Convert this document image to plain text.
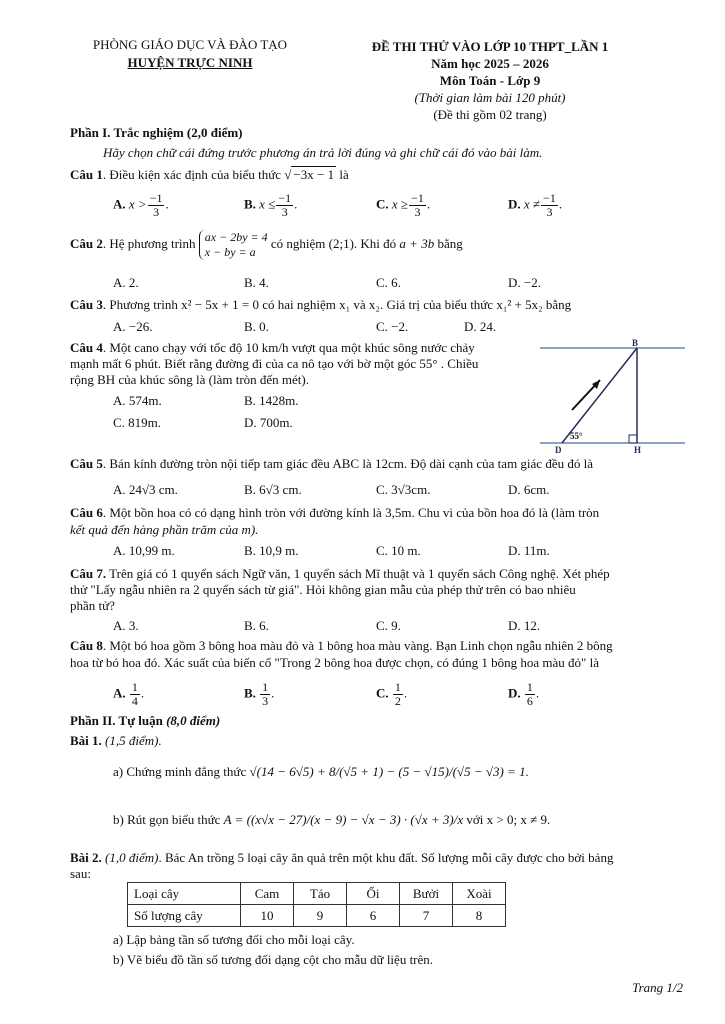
PHÒNG GIÁO DỤC VÀ ĐÀO TẠO
HUYỆN TRỰC NINH
ĐỀ THI THỬ VÀO LỚP 10 THPT_LẦN 1
Năm học 2025 – 2026
Môn Toán - Lớp 9
(Thời gian làm bài 120 phút)
(Đề thi gồm 02 trang)
Phần I. Trắc nghiệm (2,0 điểm)
Hãy chọn chữ cái đứng trước phương án trả lời đúng và ghi chữ cái đó vào bài làm.
Câu 1. Điều kiện xác định của biểu thức √ −3x − 1 là
A. $x > \frac{-1}{3}$ .	B. $x \le \frac{-1}{3}$ .	C. $x \ge \frac{-1}{3}$ .	D. $x \ne \frac{-1}{3}$ .
Câu 2. Hệ phương trình ax − 2by = 4
x − by = a có nghiệm (2;1). Khi đó a + 3b bằng
A. 2.	B. 4.	C. 6.	D. −2.
Câu 3. Phương trình x² − 5x + 1 = 0 có hai nghiệm x₁ và x₂. Giá trị của biểu thức x₁² + 5x₂ bằng
A. −26.	B. 0.	C. −2.	D. 24.
Câu 4. Một cano chạy với tốc độ 10 km/h vượt qua một khúc sông nước chảy
mạnh mất 6 phút. Biết rằng đường đi của ca nô tạo với bờ một góc 55° . Chiều
rộng BH của khúc sông là (làm tròn đến mét).
A. 574m.	B. 1428m.
C. 819m.	D. 700m.
B
D	H
55°
Câu 5. Bán kính đường tròn nội tiếp tam giác đều ABC là 12cm. Độ dài cạnh của tam giác đều đó là
A. 24√3 cm.	B. 6√3 cm.	C. 3√3cm.	D. 6cm.
Câu 6. Một bồn hoa có có dạng hình tròn với đường kính là 3,5m. Chu vi của bồn hoa đó là (làm tròn
kết quả đến hàng phần trăm của m).
A. 10,99 m.	B. 10,9 m.	C. 10 m.	D. 11m.
Câu 7. Trên giá có 1 quyển sách Ngữ văn, 1 quyển sách Mĩ thuật và 1 quyển sách Công nghệ. Xét phép
thử "Lấy ngẫu nhiên ra 2 quyển sách từ giá". Hỏi không gian mẫu của phép thử trên có bao nhiêu
phần tử?
A. 3.	B. 6.	C. 9.	D. 12.
Câu 8. Một bó hoa gồm 3 bông hoa màu đỏ và 1 bông hoa màu vàng. Bạn Linh chọn ngẫu nhiên 2 bông
hoa từ bó hoa đó. Xác suất của biến cố "Trong 2 bông hoa được chọn, có đúng 1 bông hoa màu đỏ" là
A. $\frac{1}{4}$ .	B. $\frac{1}{3}$ .	C. $\frac{1}{2}$ .	D. $\frac{1}{6}$ .
Phần II. Tự luận (8,0 điểm)
Bài 1. (1,5 điểm).
a) Chứng minh đẳng thức √(14 − 6√5) + 8/(√5 + 1) − (5 − √15)/(√5 − √3) = 1.
b) Rút gọn biểu thức A = ((x√x − 27)/(x − 9) − √x − 3) · (√x + 3)/x với x > 0; x ≠ 9.
Bài 2. (1,0 điểm). Bác An trồng 5 loại cây ăn quả trên một khu đất. Số lượng mỗi cây được cho bởi bảng
sau:
Loại cây	Cam	Táo	Ổi	Bưởi	Xoài
Số lượng cây	10	9	6	7	8
a) Lập bảng tần số tương đối cho mỗi loại cây.
b) Vẽ biểu đồ tần số tương đối dạng cột cho mẫu dữ liệu trên.
Trang 1/2
